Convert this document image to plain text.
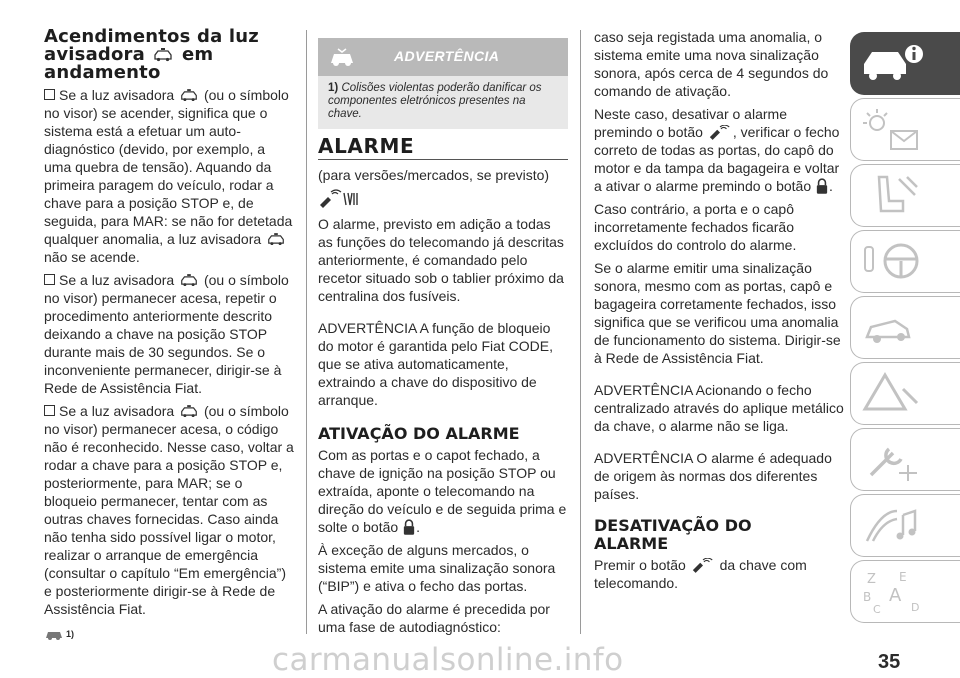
Acendimentos da luz avisadora em andamento

Se a luz avisadora (ou o símbolo no visor) se acender, significa que o sistema está a efetuar um auto-diagnóstico (devido, por exemplo, a uma quebra de tensão). Aquando da primeira paragem do veículo, rodar a chave para a posição STOP e, de seguida, para MAR: se não for detetada qualquer anomalia, a luz avisadora  não se acende.

Se a luz avisadora (ou o símbolo no visor) permanecer acesa, repetir o procedimento anteriormente descrito deixando a chave na posição STOP durante mais de 30 segundos. Se o inconveniente permanecer, dirigir-se à Rede de Assistência Fiat.

Se a luz avisadora (ou o símbolo no visor) permanecer acesa, o código não é reconhecido. Nesse caso, voltar a rodar a chave para a posição STOP e, posteriormente, para MAR; se o bloqueio permanecer, tentar com as outras chaves fornecidas. Caso ainda não tenha sido possível ligar o motor, realizar o arranque de emergência (consultar o capítulo “Em emergência”) e posteriormente dirigir-se à Rede de Assistência Fiat.

1)

ADVERTÊNCIA
1) Colisões violentas poderão danificar os componentes eletrónicos presentes na chave.
ALARME

(para versões/mercados, se previsto)

O alarme, previsto em adição a todas as funções do telecomando já descritas anteriormente, é comandado pelo recetor situado sob o tablier próximo da centralina dos fusíveis.

ADVERTÊNCIA A função de bloqueio do motor é garantida pelo Fiat CODE, que se ativa automaticamente, extraindo a chave do dispositivo de arranque.

ATIVAÇÃO DO ALARME

Com as portas e o capot fechado, a chave de ignição na posição STOP ou extraída, aponte o telecomando na direção do veículo e de seguida prima e solte o botão .

À exceção de alguns mercados, o sistema emite uma sinalização sonora (“BIP”) e ativa o fecho das portas.

A ativação do alarme é precedida por uma fase de autodiagnóstico:

caso seja registada uma anomalia, o sistema emite uma nova sinalização sonora, após cerca de 4 segundos do comando de ativação.

Neste caso, desativar o alarme premindo o botão , verificar o fecho correto de todas as portas, do capô do motor e da tampa da bagageira e voltar a ativar o alarme premindo o botão .

Caso contrário, a porta e o capô incorretamente fechados ficarão excluídos do controlo do alarme.

Se o alarme emitir uma sinalização sonora, mesmo com as portas, capô e bagageira corretamente fechados, isso significa que se verificou uma anomalia de funcionamento do sistema. Dirigir-se à Rede de Assistência Fiat.

ADVERTÊNCIA Acionando o fecho centralizado através do aplique metálico da chave, o alarme não se liga.

ADVERTÊNCIA O alarme é adequado de origem às normas dos diferentes países.

DESATIVAÇÃO DO ALARME

Premir o botão da chave com telecomando.	Z E
B A
C	D
35
carmanualsonline.info
